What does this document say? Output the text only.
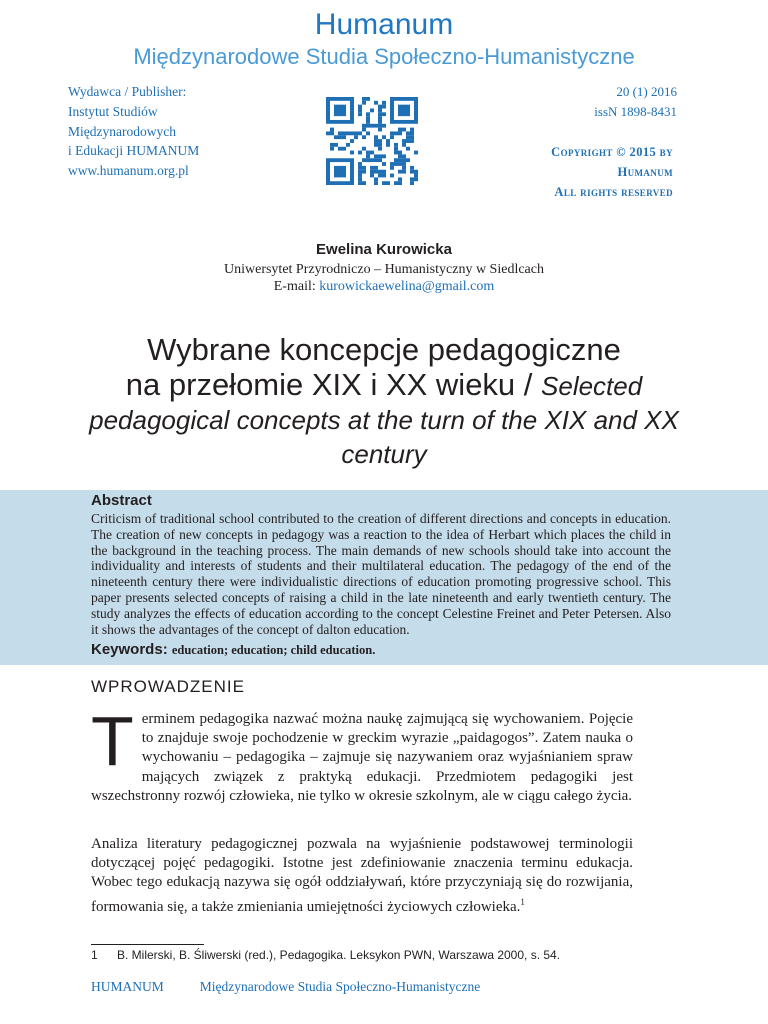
Humanum
Międzynarodowe Studia Społeczno-Humanistyczne
Wydawca / Publisher:
Instytut Studiów
Międzynarodowych
i Edukacji HUMANUM
www.humanum.org.pl
20 (1) 2016
issN 1898-8431
Copyright © 2015 by
Humanum
All rights reserved
Ewelina Kurowicka
Uniwersytet Przyrodniczo – Humanistyczny w Siedlcach
E-mail: kurowickaewelina@gmail.com
Wybrane koncepcje pedagogiczne
na przełomie XIX i XX wieku / Selected
pedagogical concepts at the turn of the XIX and XX century
Abstract
Criticism of traditional school contributed to the creation of different directions and concepts in education. The creation of new concepts in pedagogy was a reaction to the idea of Herbart which places the child in the background in the teaching process. The main demands of new schools should take into account the individuality and interests of students and their multilateral education. The pedagogy of the end of the nineteenth century there were individualistic directions of education promoting progressive school. This paper presents selected concepts of raising a child in the late nineteenth and early twentieth century. The study analyzes the effects of education according to the concept Celestine Freinet and Peter Petersen. Also it shows the advantages of the concept of dalton education.
Keywords: education; education; child education.
WPROWADZENIE
Terminem pedagogika nazwać można naukę zajmującą się wychowaniem. Pojęcie to znajduje swoje pochodzenie w greckim wyrazie „paidagogos”. Zatem nauka o wychowaniu – pedagogika – zajmuje się nazywaniem oraz wyjaśnianiem spraw mających związek z praktyką edukacji. Przedmiotem pedagogiki jest wszechstronny rozwój człowieka, nie tylko w okresie szkolnym, ale w ciągu całego życia.
Analiza literatury pedagogicznej pozwala na wyjaśnienie podstawowej terminologii dotyczącej pojęć pedagogiki. Istotne jest zdefiniowanie znaczenia terminu edukacja. Wobec tego edukacją nazywa się ogół oddziaływań, które przyczyniają się do rozwijania, formowania się, a także zmieniania umiejętności życiowych człowieka.$^1$
1 B. Milerski, B. Śliwerski (red.), Pedagogika. Leksykon PWN, Warszawa 2000, s. 54.
HUMANUM	Międzynarodowe Studia Społeczno-Humanistyczne
